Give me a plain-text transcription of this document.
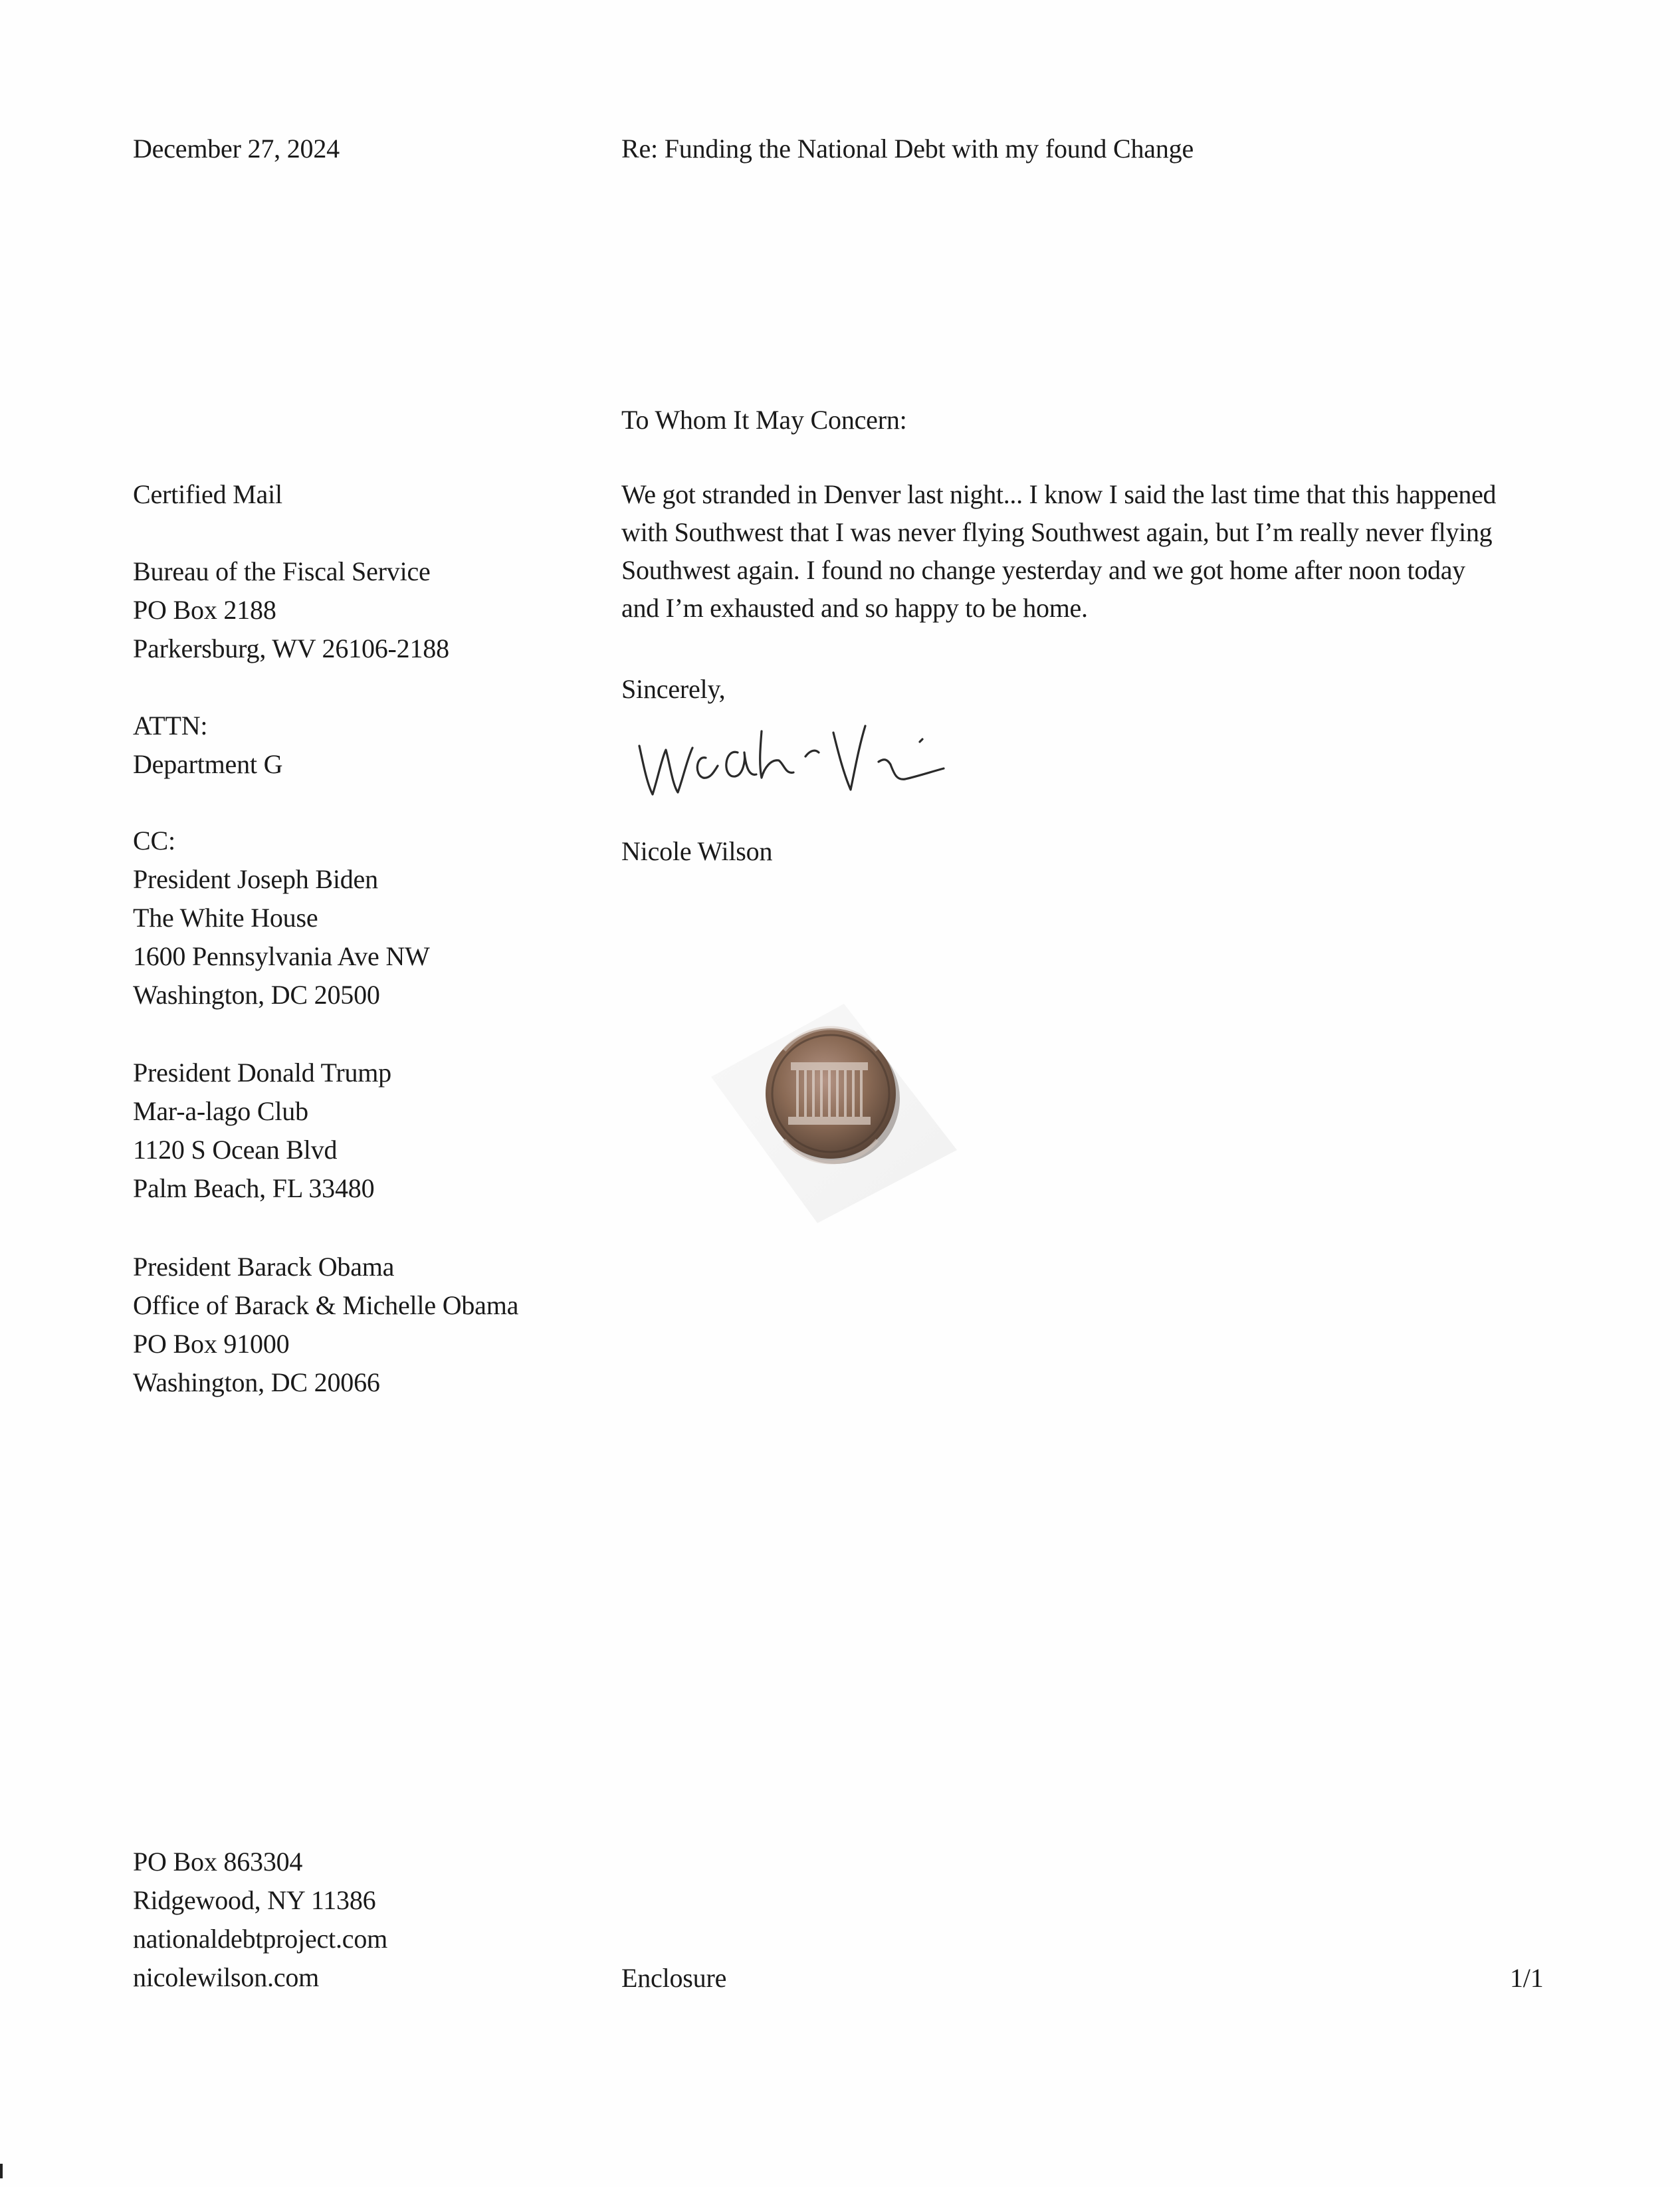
December 27, 2024	Re: Funding the National Debt with my found Change
To Whom It May Concern:
Certified Mail
Bureau of the Fiscal Service
PO Box 2188
Parkersburg, WV 26106-2188
ATTN:
Department G
CC:
President Joseph Biden
The White House
1600 Pennsylvania Ave NW
Washington, DC 20500
President Donald Trump
Mar-a-lago Club
1120 S Ocean Blvd
Palm Beach, FL 33480
President Barack Obama
Office of Barack & Michelle Obama
PO Box 91000
Washington, DC 20066
We got stranded in Denver last night... I know I said the last time that this happened
with Southwest that I was never flying Southwest again, but I’m really never flying
Southwest again. I found no change yesterday and we got home after noon today
and I’m exhausted and so happy to be home.
Sincerely,
Nicole Wilson
PO Box 863304
Ridgewood, NY 11386
nationaldebtproject.com
nicolewilson.com	Enclosure	1/1
